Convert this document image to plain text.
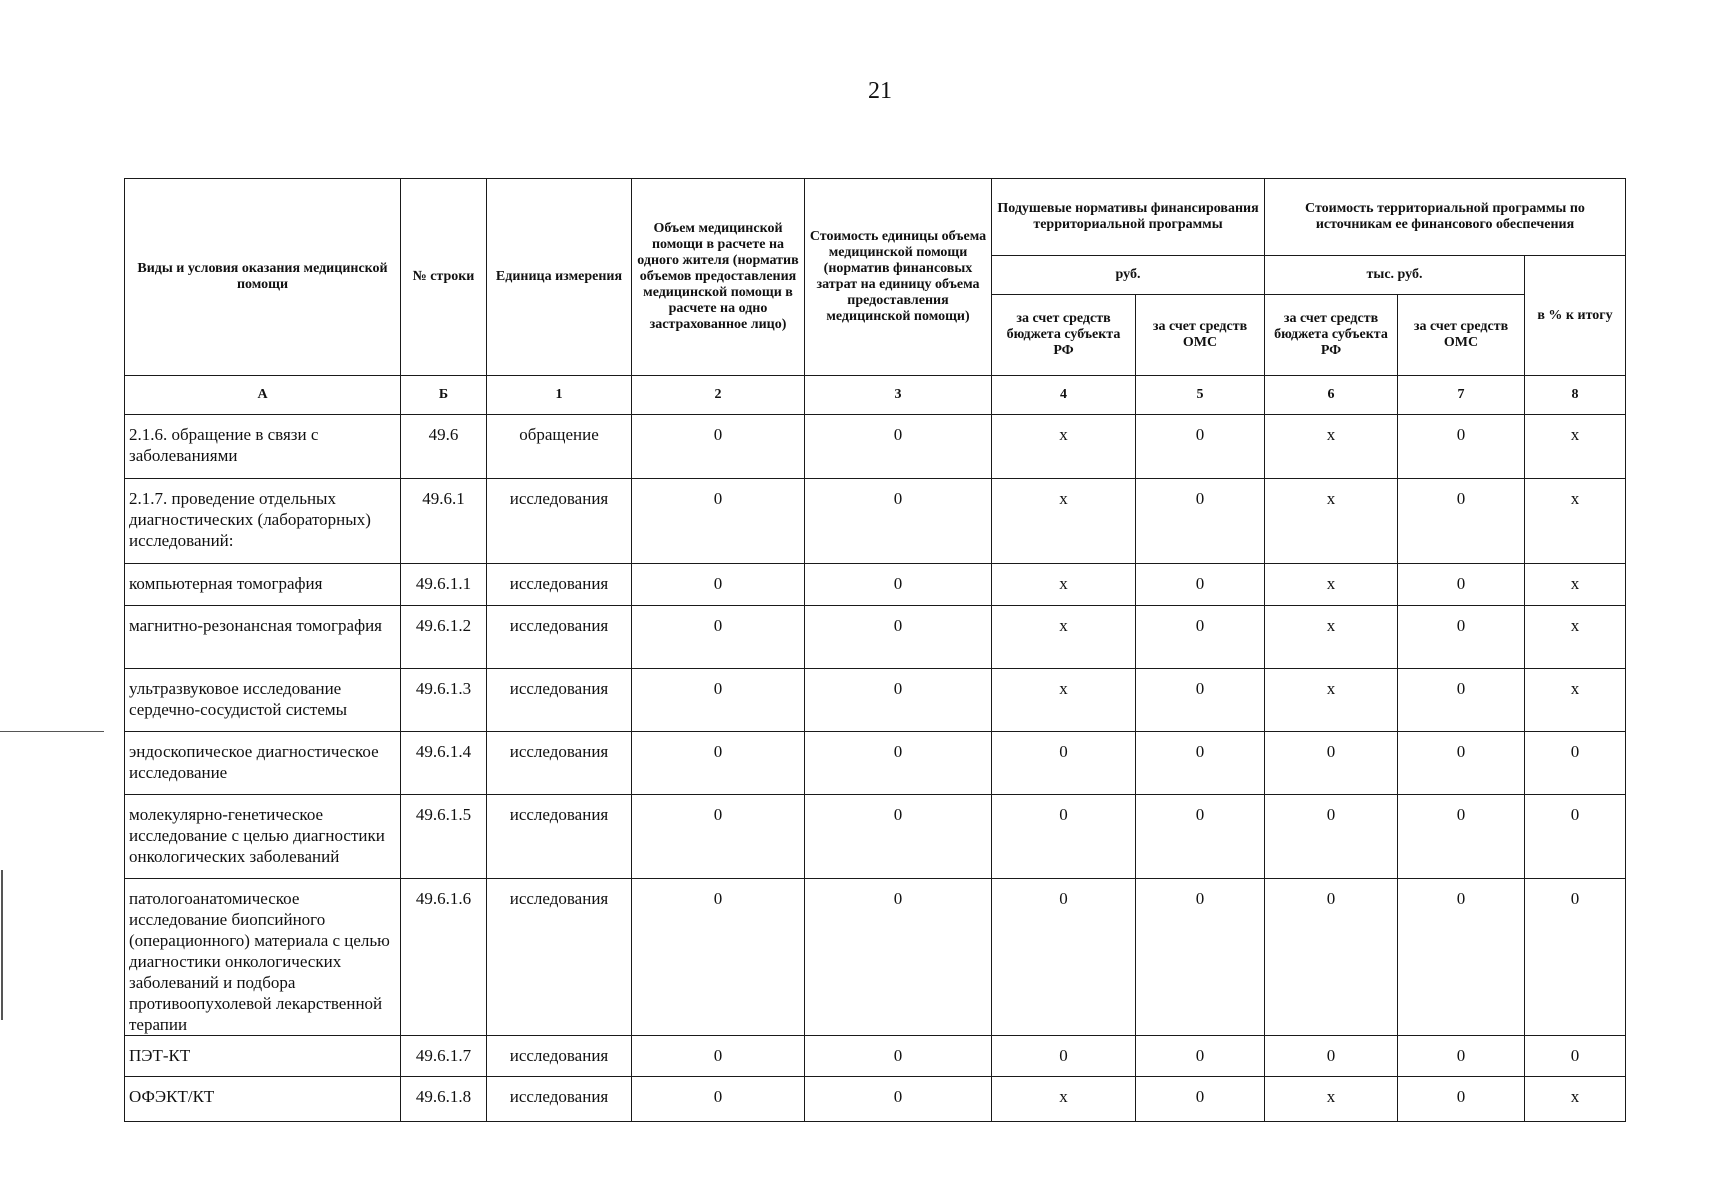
21
Виды и условия оказания медицинской помощи	№ строки	Единица измерения	Объем медицинской помощи в расчете на одного жителя (норматив объемов предоставления медицинской помощи в расчете на одно застрахованное лицо)	Стоимость единицы объема медицинской помощи (норматив финансовых затрат на единицу объема предоставления медицинской помощи)	Подушевые нормативы финансирования территориальной программы		Стоимость территориальной программы по источникам ее финансового обеспечения		
					руб.		тыс. руб.		в % к итогу
					за счет средств бюджета субъекта РФ	за счет средств ОМС	за счет средств бюджета субъекта РФ	за счет средств ОМС	
А	Б	1	2	3	4	5	6	7	8
2.1.6. обращение в связи с заболеваниями	49.6	обращение	0	0	х	0	х	0	х
2.1.7. проведение отдельных диагностических (лабораторных) исследований:	49.6.1	исследования	0	0	х	0	х	0	х
компьютерная томография	49.6.1.1	исследования	0	0	х	0	х	0	х
магнитно-резонансная томография	49.6.1.2	исследования	0	0	х	0	х	0	х
ультразвуковое исследование сердечно-сосудистой системы	49.6.1.3	исследования	0	0	х	0	х	0	х
эндоскопическое диагностическое исследование	49.6.1.4	исследования	0	0	0	0	0	0	0
молекулярно-генетическое исследование с целью диагностики онкологических заболеваний	49.6.1.5	исследования	0	0	0	0	0	0	0
патологоанатомическое исследование биопсийного (операционного) материала с целью диагностики онкологических заболеваний и подбора противоопухолевой лекарственной терапии	49.6.1.6	исследования	0	0	0	0	0	0	0
ПЭТ-КТ	49.6.1.7	исследования	0	0	0	0	0	0	0
ОФЭКТ/КТ	49.6.1.8	исследования	0	0	х	0	х	0	х
